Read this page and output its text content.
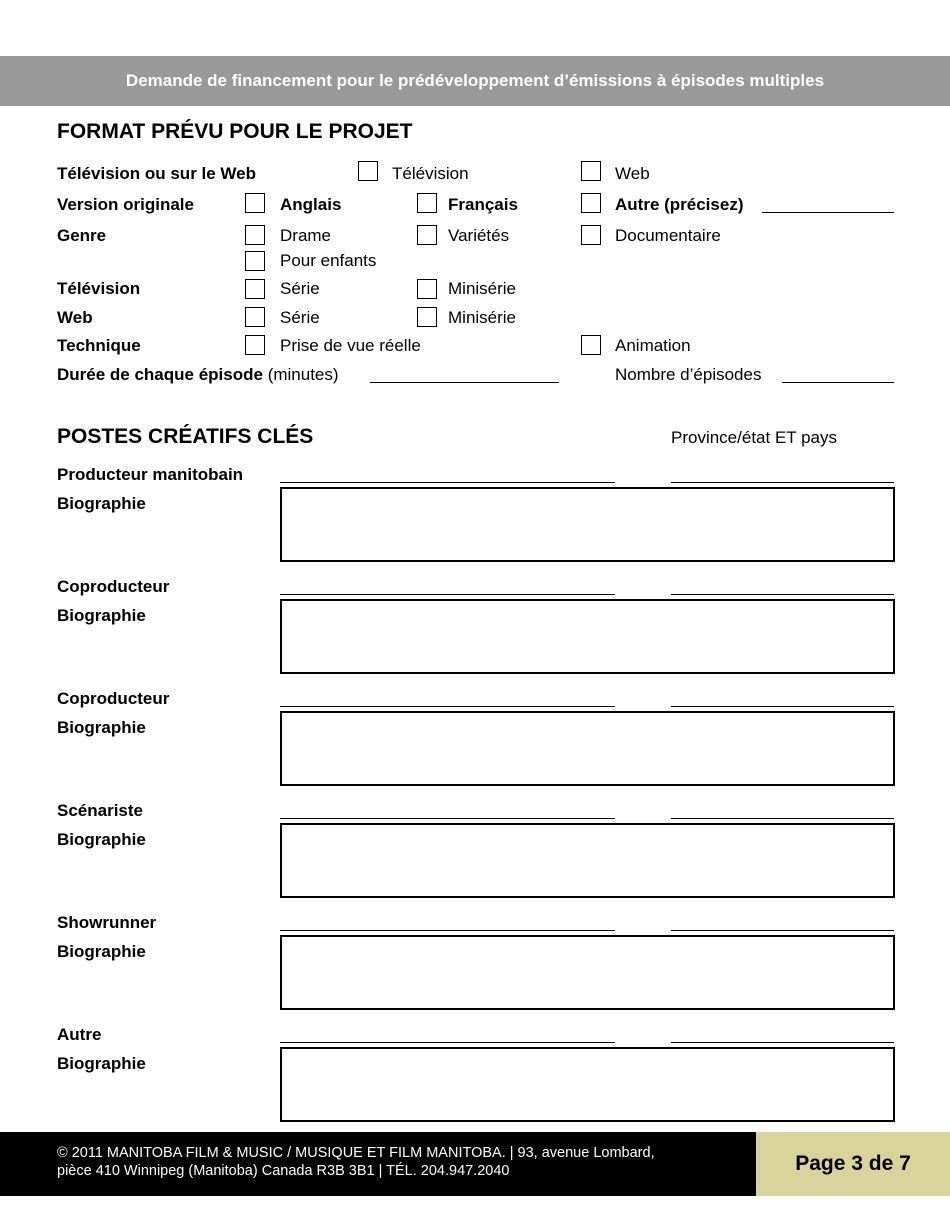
Demande de financement pour le prédéveloppement d’émissions à épisodes multiples
FORMAT PRÉVU POUR LE PROJET
Télévision ou sur le Web	Télévision	Web
Version originale	Anglais	Français	Autre (précisez)
Genre	Drame	Variétés	Documentaire
Pour enfants
Télévision	Série	Minisérie
Web	Série	Minisérie
Technique	Prise de vue réelle	Animation
Durée de chaque épisode (minutes)	Nombre d’épisodes
POSTES CRÉATIFS CLÉS	Province/état ET pays
Producteur manitobain
Biographie
Coproducteur
Biographie
Coproducteur
Biographie
Scénariste
Biographie
Showrunner
Biographie
Autre
Biographie
© 2011 MANITOBA FILM & MUSIC / MUSIQUE ET FILM MANITOBA. | 93, avenue Lombard,
pièce 410 Winnipeg (Manitoba) Canada R3B 3B1 | TÉL. 204.947.2040	Page 3 de 7
